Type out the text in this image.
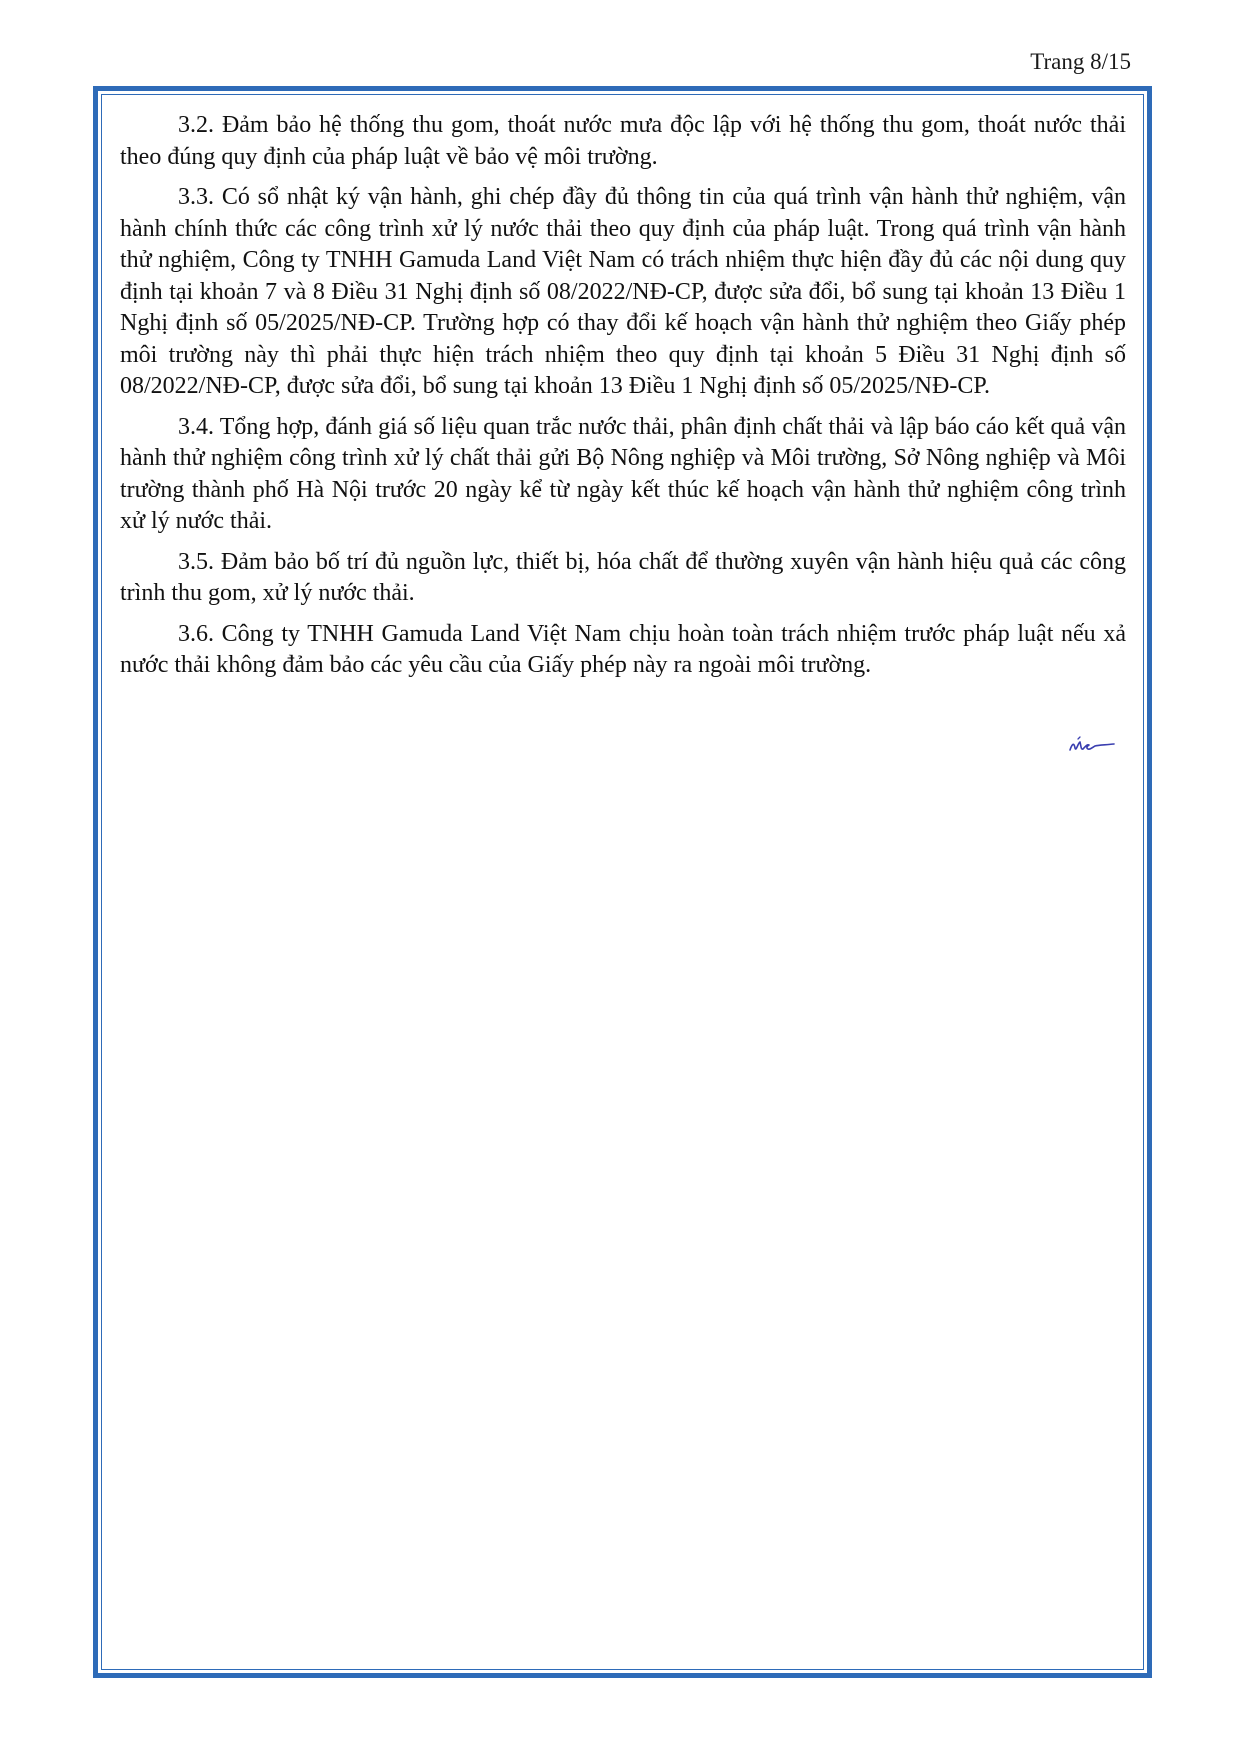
Trang 8/15

3.2. Đảm bảo hệ thống thu gom, thoát nước mưa độc lập với hệ thống thu gom, thoát nước thải theo đúng quy định của pháp luật về bảo vệ môi trường.

3.3. Có sổ nhật ký vận hành, ghi chép đầy đủ thông tin của quá trình vận hành thử nghiệm, vận hành chính thức các công trình xử lý nước thải theo quy định của pháp luật. Trong quá trình vận hành thử nghiệm, Công ty TNHH Gamuda Land Việt Nam có trách nhiệm thực hiện đầy đủ các nội dung quy định tại khoản 7 và 8 Điều 31 Nghị định số 08/2022/NĐ-CP, được sửa đổi, bổ sung tại khoản 13 Điều 1 Nghị định số 05/2025/NĐ-CP. Trường hợp có thay đổi kế hoạch vận hành thử nghiệm theo Giấy phép môi trường này thì phải thực hiện trách nhiệm theo quy định tại khoản 5 Điều 31 Nghị định số 08/2022/NĐ-CP, được sửa đổi, bổ sung tại khoản 13 Điều 1 Nghị định số 05/2025/NĐ-CP.

3.4. Tổng hợp, đánh giá số liệu quan trắc nước thải, phân định chất thải và lập báo cáo kết quả vận hành thử nghiệm công trình xử lý chất thải gửi Bộ Nông nghiệp và Môi trường, Sở Nông nghiệp và Môi trường thành phố Hà Nội trước 20 ngày kể từ ngày kết thúc kế hoạch vận hành thử nghiệm công trình xử lý nước thải.

3.5. Đảm bảo bố trí đủ nguồn lực, thiết bị, hóa chất để thường xuyên vận hành hiệu quả các công trình thu gom, xử lý nước thải.

3.6. Công ty TNHH Gamuda Land Việt Nam chịu hoàn toàn trách nhiệm trước pháp luật nếu xả nước thải không đảm bảo các yêu cầu của Giấy phép này ra ngoài môi trường.
